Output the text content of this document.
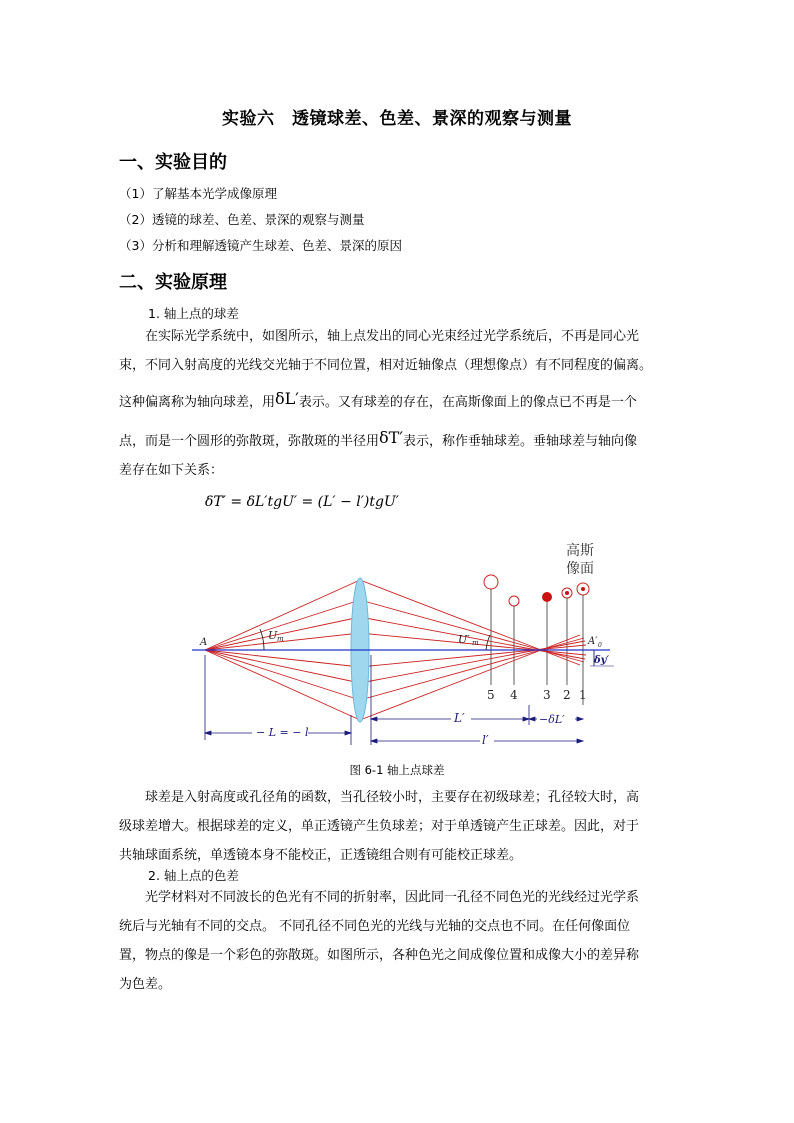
实验六　透镜球差、色差、景深的观察与测量
一、实验目的
（1）了解基本光学成像原理
（2）透镜的球差、色差、景深的观察与测量
（3）分析和理解透镜产生球差、色差、景深的原因
二、实验原理
1. 轴上点的球差
在实际光学系统中，如图所示，轴上点发出的同心光束经过光学系统后，不再是同心光
束，不同入射高度的光线交光轴于不同位置，相对近轴像点（理想像点）有不同程度的偏离。
这种偏离称为轴向球差，用δL′表示。又有球差的存在，在高斯像面上的像点已不再是一个
点，而是一个圆形的弥散斑，弥散斑的半径用δT′表示，称作垂轴球差。垂轴球差与轴向像
差存在如下关系：
δT′ = δL′tgU′ = (L′ − l′)tgU′
高斯
像面
A
U m	U′ m	A′ 0
δy′
5 4 3 2 1
− L = − l
L′	−δL′
l′
图 6-1 轴上点球差
球差是入射高度或孔径角的函数，当孔径较小时，主要存在初级球差；孔径较大时，高
级球差增大。根据球差的定义，单正透镜产生负球差；对于单透镜产生正球差。因此，对于
共轴球面系统，单透镜本身不能校正，正透镜组合则有可能校正球差。
2. 轴上点的色差
光学材料对不同波长的色光有不同的折射率，因此同一孔径不同色光的光线经过光学系
统后与光轴有不同的交点。 不同孔径不同色光的光线与光轴的交点也不同。在任何像面位
置，物点的像是一个彩色的弥散斑。如图所示，各种色光之间成像位置和成像大小的差异称
为色差。
